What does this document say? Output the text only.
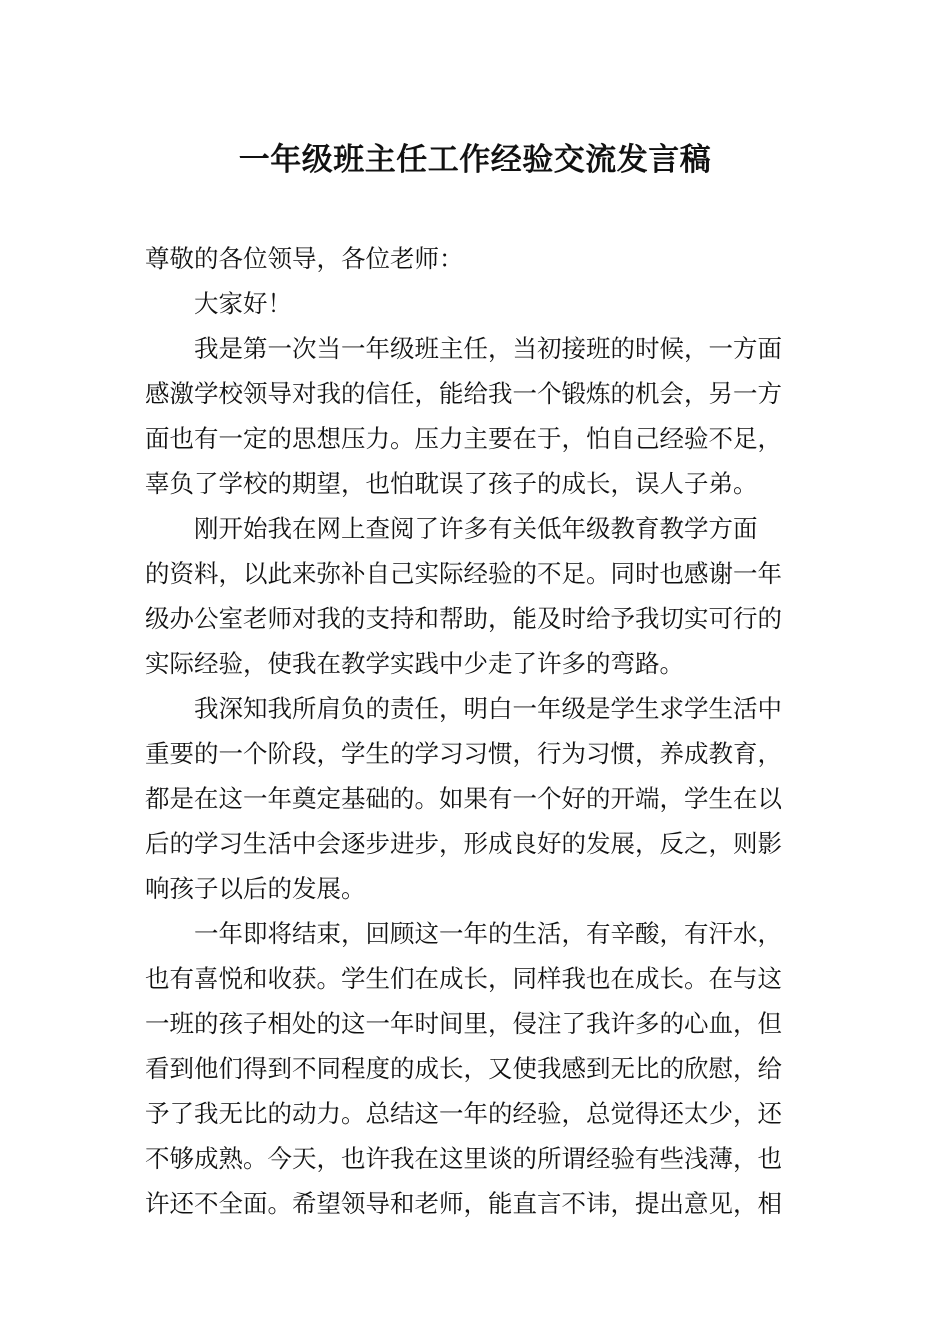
一年级班主任工作经验交流发言稿
尊敬的各位领导，各位老师：
大家好！
我是第一次当一年级班主任，当初接班的时候，一方面
感激学校领导对我的信任，能给我一个锻炼的机会，另一方
面也有一定的思想压力。压力主要在于，怕自己经验不足，
辜负了学校的期望，也怕耽误了孩子的成长，误人子弟。
刚开始我在网上查阅了许多有关低年级教育教学方面
的资料，以此来弥补自己实际经验的不足。同时也感谢一年
级办公室老师对我的支持和帮助，能及时给予我切实可行的
实际经验，使我在教学实践中少走了许多的弯路。
我深知我所肩负的责任，明白一年级是学生求学生活中
重要的一个阶段，学生的学习习惯，行为习惯，养成教育，
都是在这一年奠定基础的。如果有一个好的开端，学生在以
后的学习生活中会逐步进步，形成良好的发展，反之，则影
响孩子以后的发展。
一年即将结束，回顾这一年的生活，有辛酸，有汗水，
也有喜悦和收获。学生们在成长，同样我也在成长。在与这
一班的孩子相处的这一年时间里，侵注了我许多的心血，但
看到他们得到不同程度的成长，又使我感到无比的欣慰，给
予了我无比的动力。总结这一年的经验，总觉得还太少，还
不够成熟。今天，也许我在这里谈的所谓经验有些浅薄，也
许还不全面。希望领导和老师，能直言不讳，提出意见，相
